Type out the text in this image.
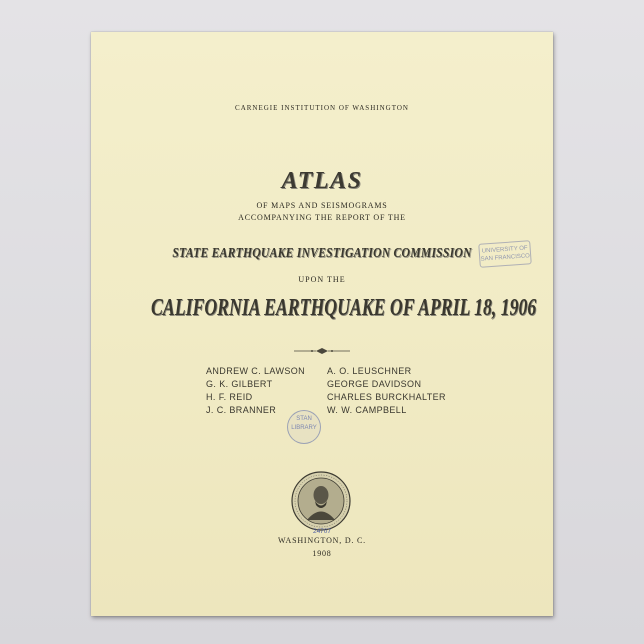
CARNEGIE INSTITUTION OF WASHINGTON
ATLAS
OF MAPS AND SEISMOGRAMS
ACCOMPANYING THE REPORT OF THE
UNIVERSITY OF SAN FRANCISCO
STATE EARTHQUAKE INVESTIGATION COMMISSION
UPON THE
CALIFORNIA EARTHQUAKE OF APRIL 18, 1906
ANDREW C. LAWSON
G. K. GILBERT
H. F. REID
J. C. BRANNER
A. O. LEUSCHNER
GEORGE DAVIDSON
CHARLES BURCKHALTER
W. W. CAMPBELL
STAN LIBRARY
24707
WASHINGTON, D. C.
1908
